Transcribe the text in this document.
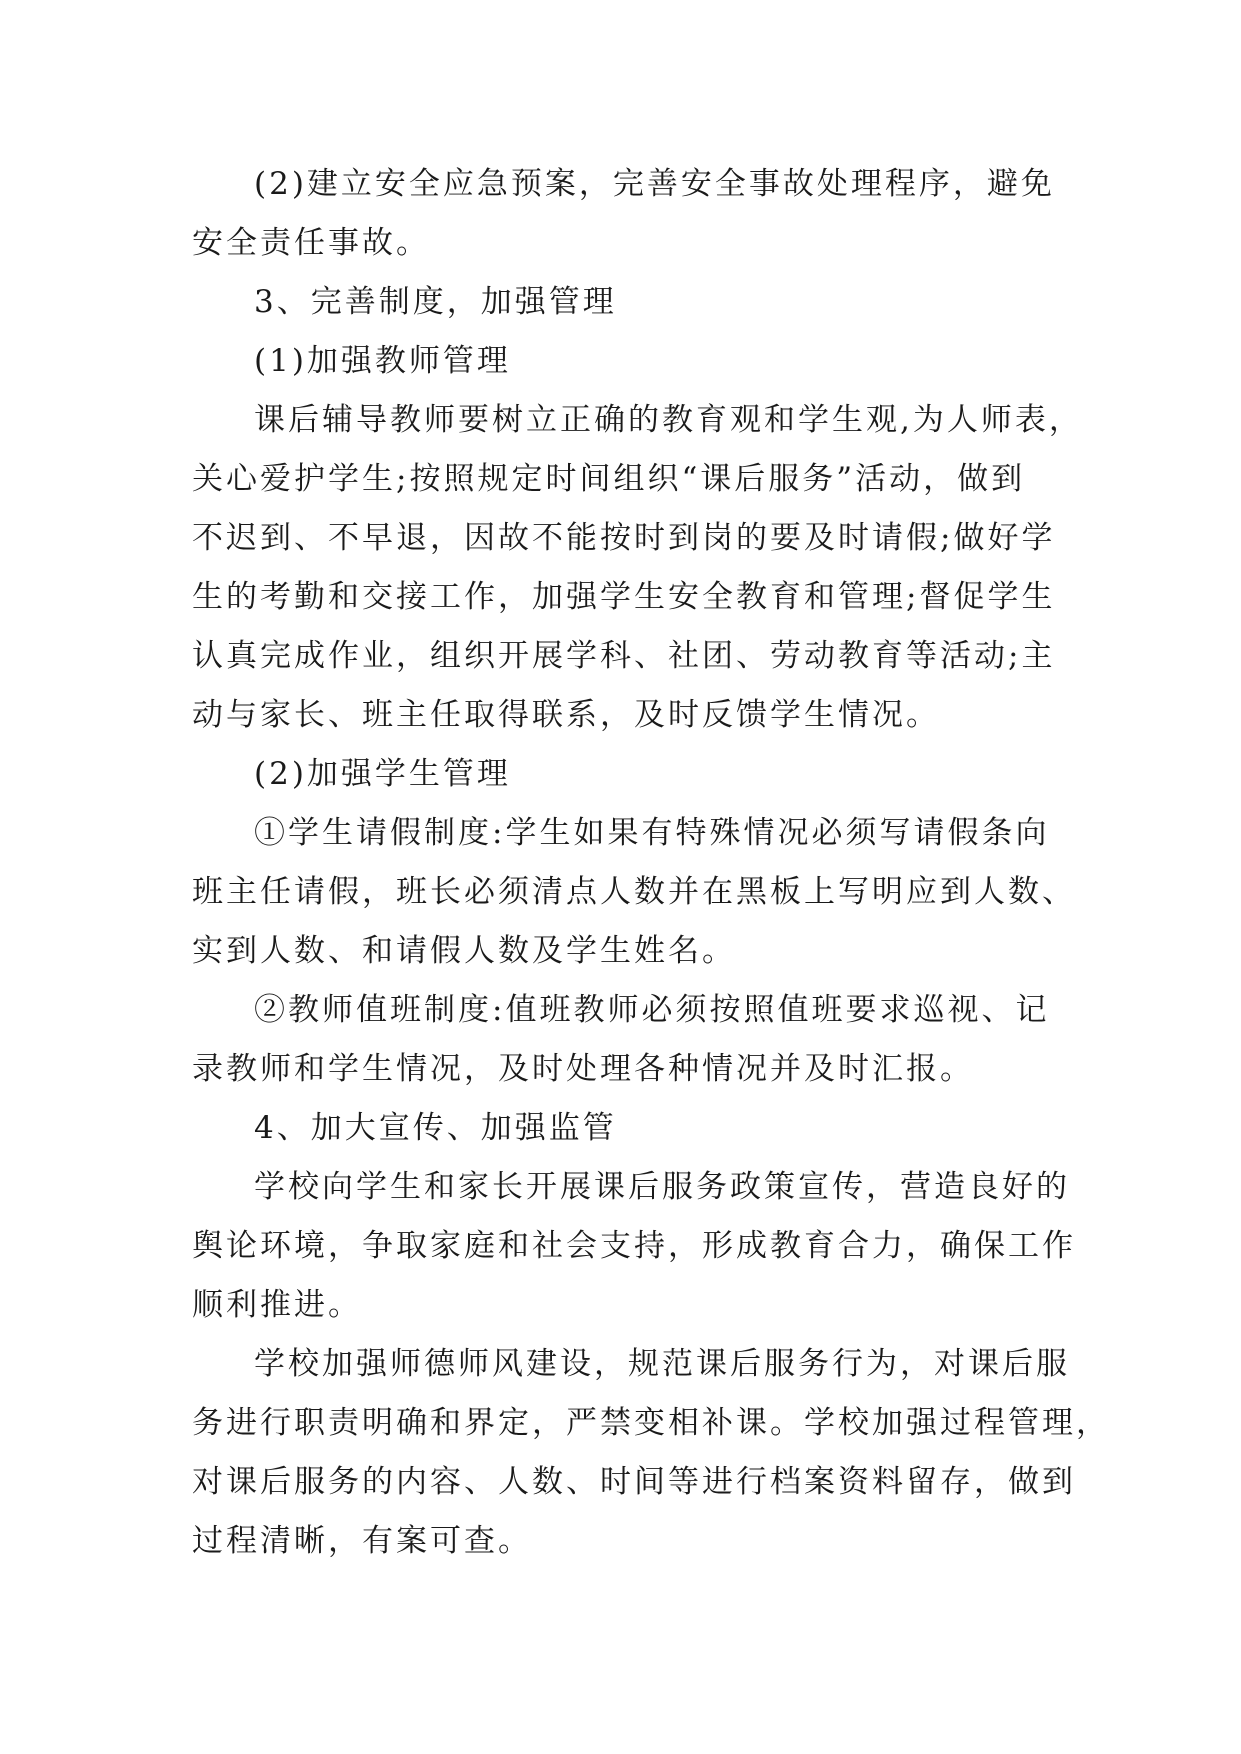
(2)建立安全应急预案，完善安全事故处理程序，避免
安全责任事故。
3、完善制度，加强管理
(1)加强教师管理
课后辅导教师要树立正确的教育观和学生观,为人师表，
关心爱护学生;按照规定时间组织“课后服务”活动，做到
不迟到、不早退，因故不能按时到岗的要及时请假;做好学
生的考勤和交接工作，加强学生安全教育和管理;督促学生
认真完成作业，组织开展学科、社团、劳动教育等活动;主
动与家长、班主任取得联系，及时反馈学生情况。
(2)加强学生管理
①学生请假制度:学生如果有特殊情况必须写请假条向
班主任请假，班长必须清点人数并在黑板上写明应到人数、
实到人数、和请假人数及学生姓名。
②教师值班制度:值班教师必须按照值班要求巡视、记
录教师和学生情况，及时处理各种情况并及时汇报。
4、加大宣传、加强监管
学校向学生和家长开展课后服务政策宣传，营造良好的
舆论环境，争取家庭和社会支持，形成教育合力，确保工作
顺利推进。
学校加强师德师风建设，规范课后服务行为，对课后服
务进行职责明确和界定，严禁变相补课。学校加强过程管理，
对课后服务的内容、人数、时间等进行档案资料留存，做到
过程清晰，有案可查。
